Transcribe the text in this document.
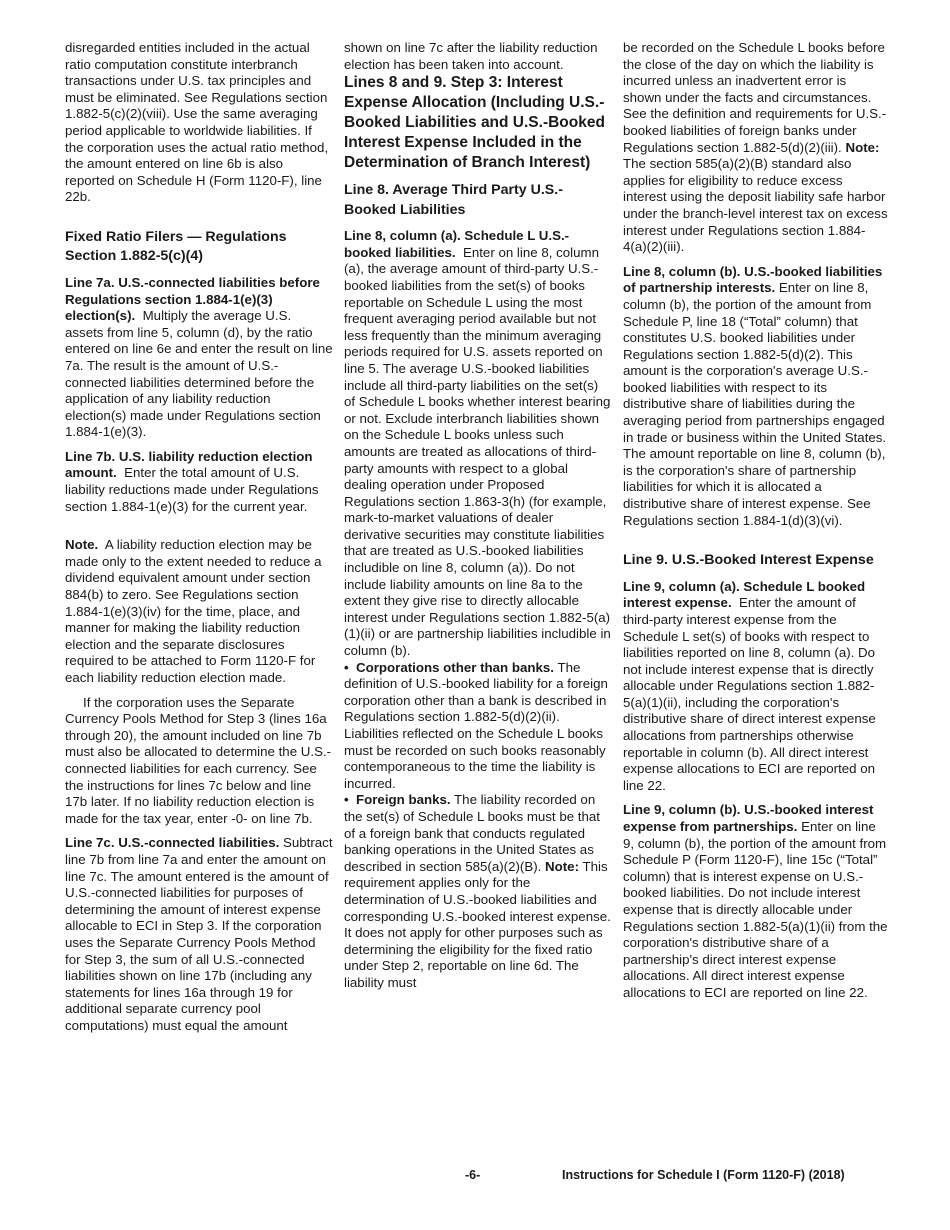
disregarded entities included in the actual ratio computation constitute interbranch transactions under U.S. tax principles and must be eliminated. See Regulations section 1.882-5(c)(2)(viii). Use the same averaging period applicable to worldwide liabilities. If the corporation uses the actual ratio method, the amount entered on line 6b is also reported on Schedule H (Form 1120-F), line 22b.

Fixed Ratio Filers — Regulations Section 1.882-5(c)(4)

Line 7a. U.S.-connected liabilities before Regulations section 1.884-1(e)(3) election(s). Multiply the average U.S. assets from line 5, column (d), by the ratio entered on line 6e and enter the result on line 7a. The result is the amount of U.S.-connected liabilities determined before the application of any liability reduction election(s) made under Regulations section 1.884-1(e)(3).

Line 7b. U.S. liability reduction election amount. Enter the total amount of U.S. liability reductions made under Regulations section 1.884-1(e)(3) for the current year.

Note. A liability reduction election may be made only to the extent needed to reduce a dividend equivalent amount under section 884(b) to zero. See Regulations section 1.884-1(e)(3)(iv) for the time, place, and manner for making the liability reduction election and the separate disclosures required to be attached to Form 1120-F for each liability reduction election made.

If the corporation uses the Separate Currency Pools Method for Step 3 (lines 16a through 20), the amount included on line 7b must also be allocated to determine the U.S.-connected liabilities for each currency. See the instructions for lines 7c below and line 17b later. If no liability reduction election is made for the tax year, enter -0- on line 7b.

Line 7c. U.S.-connected liabilities. Subtract line 7b from line 7a and enter the amount on line 7c. The amount entered is the amount of U.S.-connected liabilities for purposes of determining the amount of interest expense allocable to ECI in Step 3. If the corporation uses the Separate Currency Pools Method for Step 3, the sum of all U.S.-connected liabilities shown on line 17b (including any statements for lines 16a through 19 for additional separate currency pool computations) must equal the amount

shown on line 7c after the liability reduction election has been taken into account.

Lines 8 and 9. Step 3: Interest Expense Allocation (Including U.S.-Booked Liabilities and U.S.-Booked Interest Expense Included in the Determination of Branch Interest)

Line 8. Average Third Party U.S.-Booked Liabilities

Line 8, column (a). Schedule L U.S.-booked liabilities. Enter on line 8, column (a), the average amount of third-party U.S.-booked liabilities from the set(s) of books reportable on Schedule L using the most frequent averaging period available but not less frequently than the minimum averaging periods required for U.S. assets reported on line 5. The average U.S.-booked liabilities include all third-party liabilities on the set(s) of Schedule L books whether interest bearing or not. Exclude interbranch liabilities shown on the Schedule L books unless such amounts are treated as allocations of third-party amounts with respect to a global dealing operation under Proposed Regulations section 1.863-3(h) (for example, mark-to-market valuations of dealer derivative securities may constitute liabilities that are treated as U.S.-booked liabilities includible on line 8, column (a)). Do not include liability amounts on line 8a to the extent they give rise to directly allocable interest under Regulations section 1.882-5(a)(1)(ii) or are partnership liabilities includible in column (b).

• Corporations other than banks. The definition of U.S.-booked liability for a foreign corporation other than a bank is described in Regulations section 1.882-5(d)(2)(ii). Liabilities reflected on the Schedule L books must be recorded on such books reasonably contemporaneous to the time the liability is incurred.

• Foreign banks. The liability recorded on the set(s) of Schedule L books must be that of a foreign bank that conducts regulated banking operations in the United States as described in section 585(a)(2)(B). Note: This requirement applies only for the determination of U.S.-booked liabilities and corresponding U.S.-booked interest expense. It does not apply for other purposes such as determining the eligibility for the fixed ratio under Step 2, reportable on line 6d. The liability must

be recorded on the Schedule L books before the close of the day on which the liability is incurred unless an inadvertent error is shown under the facts and circumstances. See the definition and requirements for U.S.-booked liabilities of foreign banks under Regulations section 1.882-5(d)(2)(iii). Note: The section 585(a)(2)(B) standard also applies for eligibility to reduce excess interest using the deposit liability safe harbor under the branch-level interest tax on excess interest under Regulations section 1.884-4(a)(2)(iii).

Line 8, column (b). U.S.-booked liabilities of partnership interests. Enter on line 8, column (b), the portion of the amount from Schedule P, line 18 (“Total” column) that constitutes U.S. booked liabilities under Regulations section 1.882-5(d)(2). This amount is the corporation's average U.S.-booked liabilities with respect to its distributive share of liabilities during the averaging period from partnerships engaged in trade or business within the United States. The amount reportable on line 8, column (b), is the corporation's share of partnership liabilities for which it is allocated a distributive share of interest expense. See Regulations section 1.884-1(d)(3)(vi).

Line 9. U.S.-Booked Interest Expense

Line 9, column (a). Schedule L booked interest expense. Enter the amount of third-party interest expense from the Schedule L set(s) of books with respect to liabilities reported on line 8, column (a). Do not include interest expense that is directly allocable under Regulations section 1.882-5(a)(1)(ii), including the corporation's distributive share of direct interest expense allocations from partnerships otherwise reportable in column (b). All direct interest expense allocations to ECI are reported on line 22.

Line 9, column (b). U.S.-booked interest expense from partnerships. Enter on line 9, column (b), the portion of the amount from Schedule P (Form 1120-F), line 15c (“Total” column) that is interest expense on U.S.-booked liabilities. Do not include interest expense that is directly allocable under Regulations section 1.882-5(a)(1)(ii) from the corporation's distributive share of a partnership's direct interest expense allocations. All direct interest expense allocations to ECI are reported on line 22.

-6-	Instructions for Schedule I (Form 1120-F) (2018)
